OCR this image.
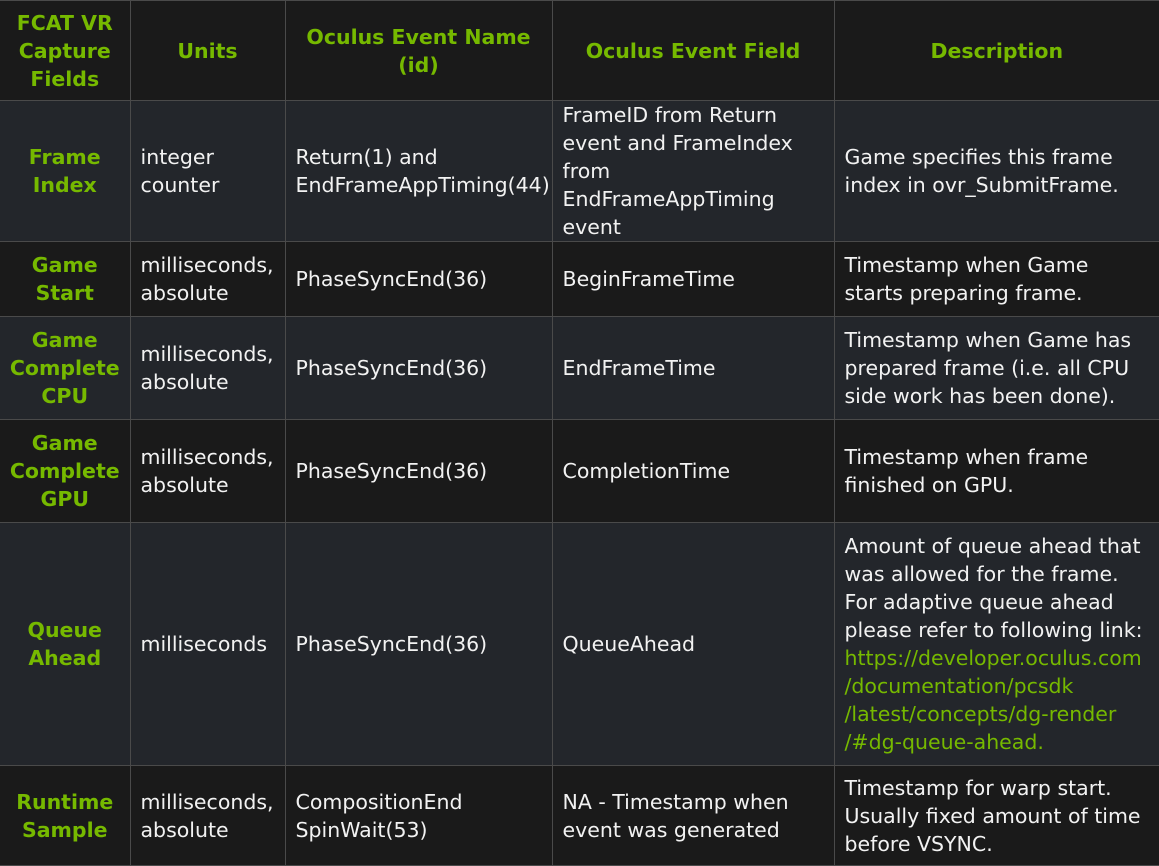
FCAT VR Capture Fields	Units	Oculus Event Name (id)	Oculus Event Field	Description
Frame Index	integer counter	Return(1) and EndFrameAppTiming(44)	FrameID from Return event and FrameIndex from EndFrameAppTiming event	Game specifies this frame index in ovr_SubmitFrame.
Game Start	milliseconds, absolute	PhaseSyncEnd(36)	BeginFrameTime	Timestamp when Game starts preparing frame.
Game Complete CPU	milliseconds, absolute	PhaseSyncEnd(36)	EndFrameTime	Timestamp when Game has prepared frame (i.e. all CPU side work has been done).
Game Complete GPU	milliseconds, absolute	PhaseSyncEnd(36)	CompletionTime	Timestamp when frame finished on GPU.
Queue Ahead	milliseconds	PhaseSyncEnd(36)	QueueAhead	Amount of queue ahead that was allowed for the frame. For adaptive queue ahead please refer to following link:
https://developer.oculus.com
/documentation/pcsdk
/latest/concepts/dg-render
/#dg-queue-ahead.
Runtime Sample	milliseconds, absolute	CompositionEnd SpinWait(53)	NA - Timestamp when event was generated	Timestamp for warp start. Usually fixed amount of time before VSYNC.
